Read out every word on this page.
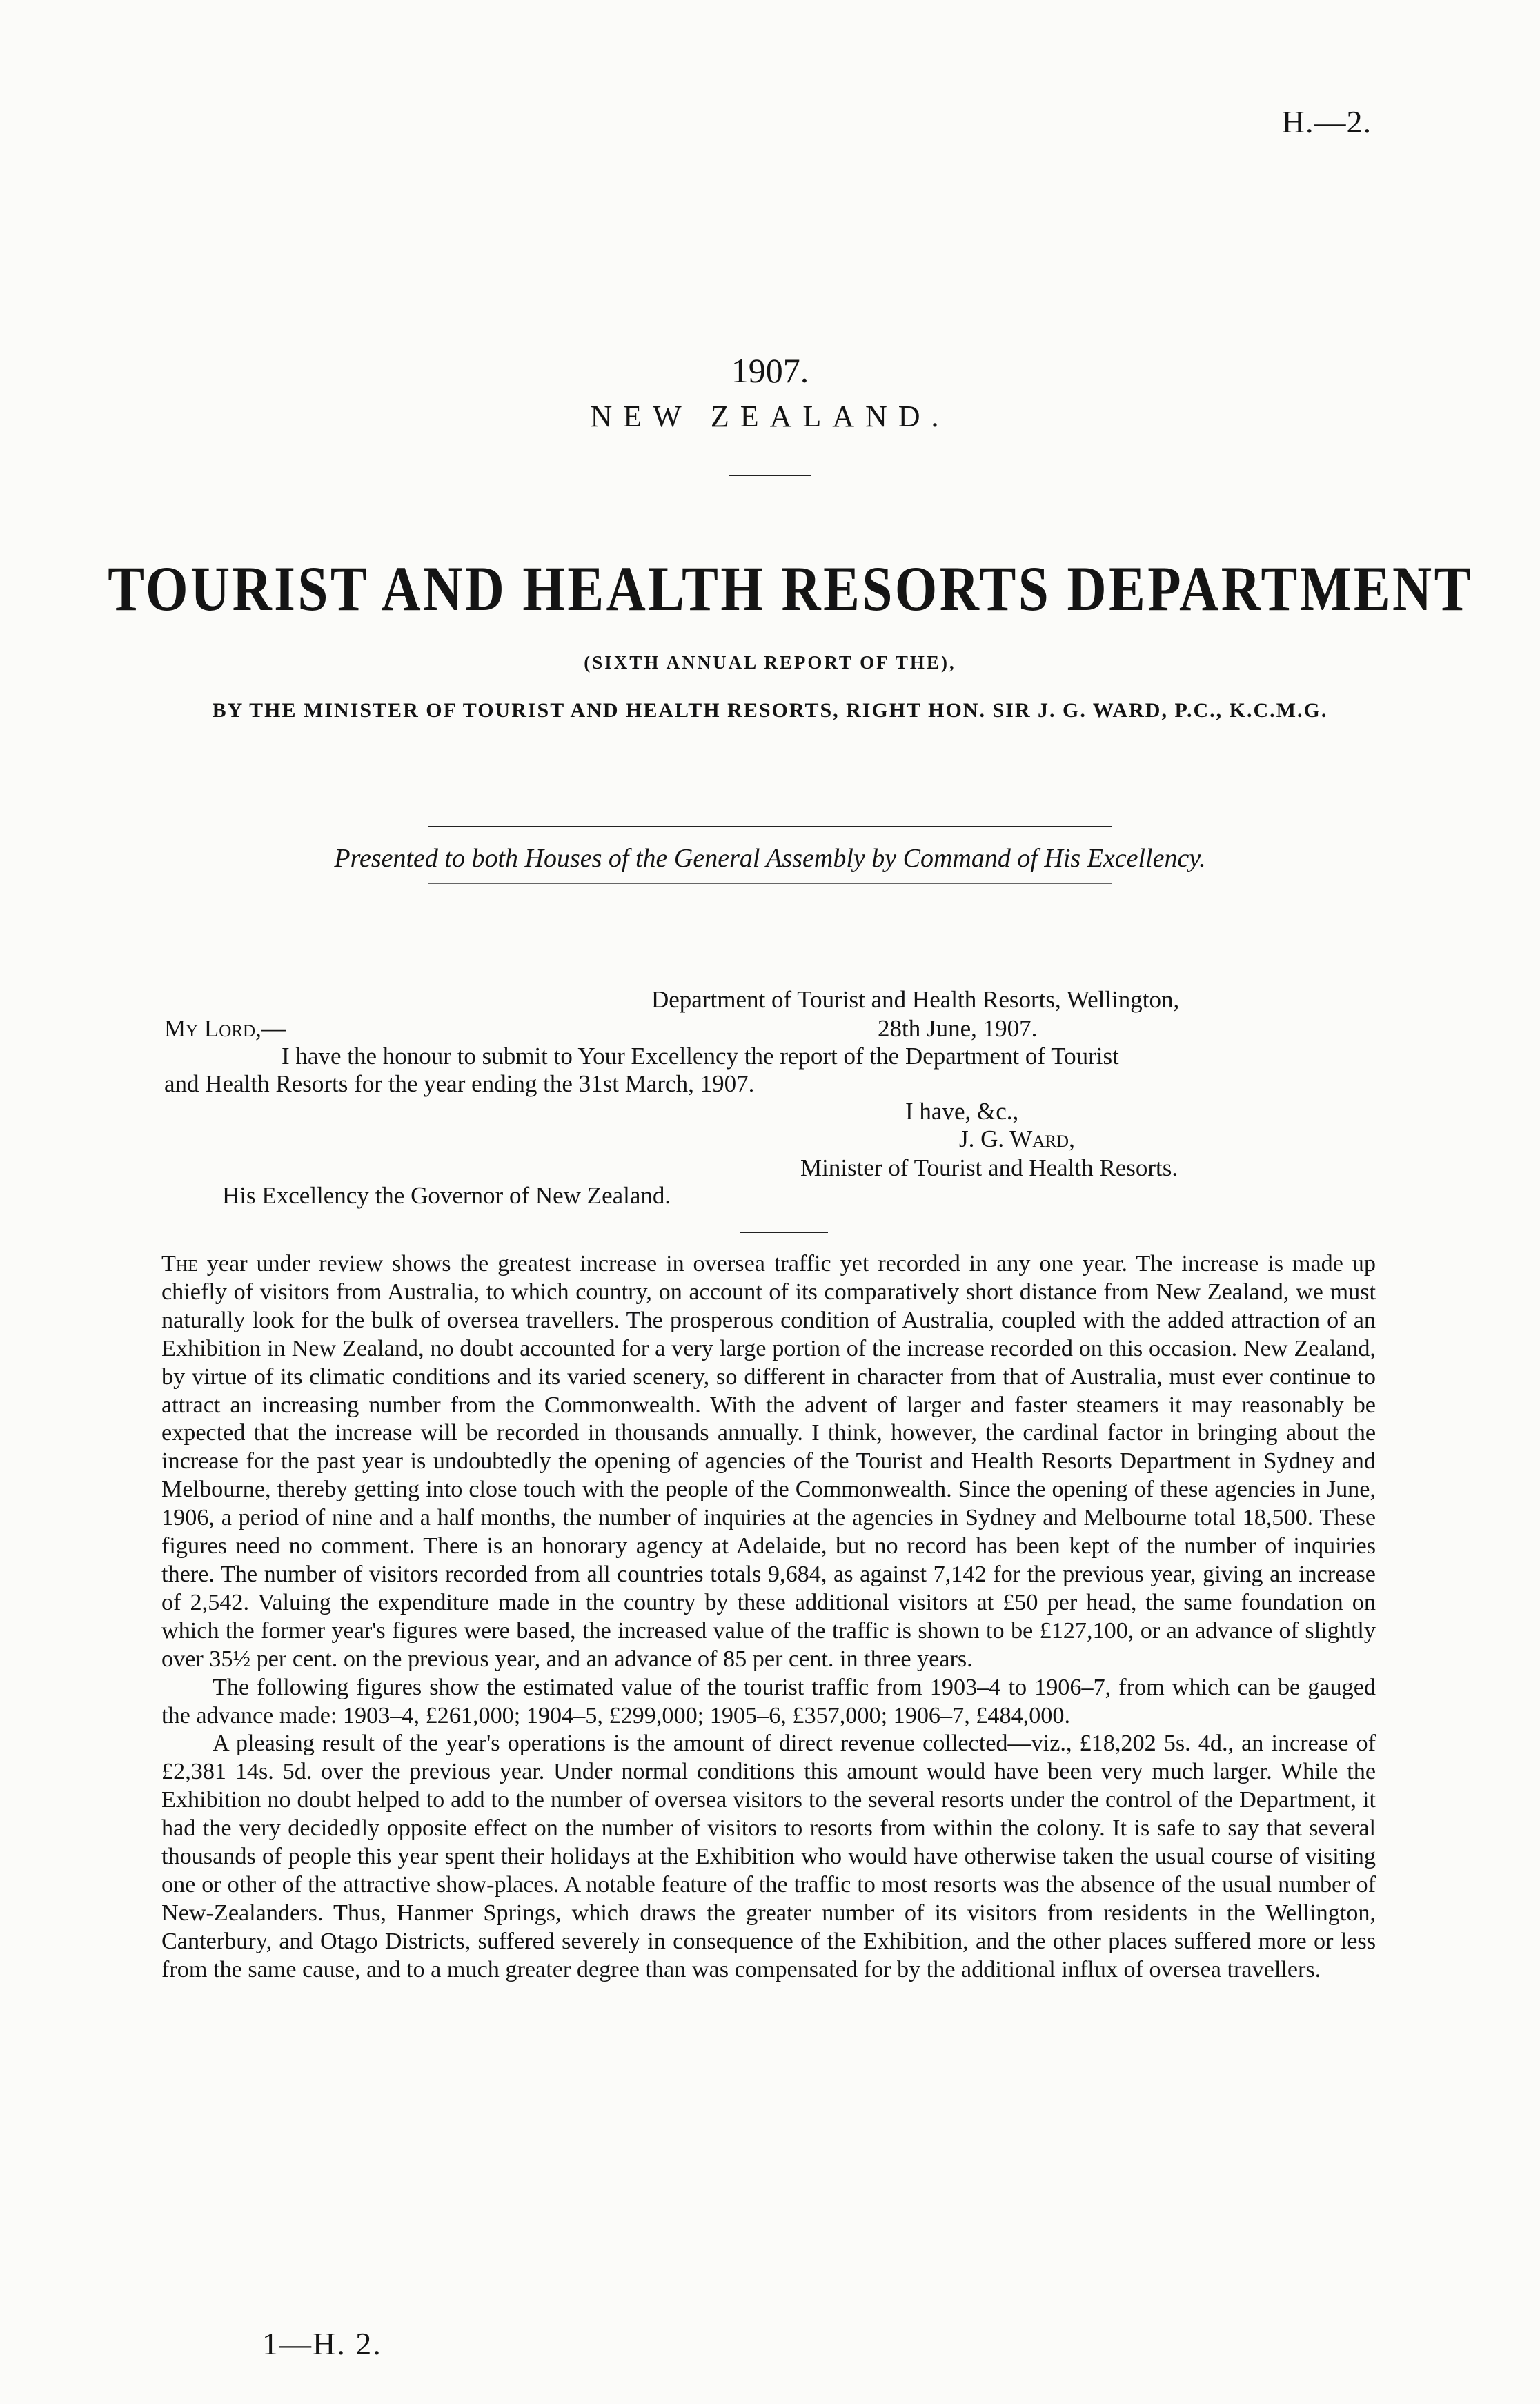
H.—2.
1907.
NEW ZEALAND.
TOURIST AND HEALTH RESORTS DEPARTMENT
(SIXTH ANNUAL REPORT OF THE),
BY THE MINISTER OF TOURIST AND HEALTH RESORTS, RIGHT HON. SIR J. G. WARD, P.C., K.C.M.G.
Presented to both Houses of the General Assembly by Command of His Excellency.
Department of Tourist and Health Resorts, Wellington,
My Lord,—	28th June, 1907.
I have the honour to submit to Your Excellency the report of the Department of Tourist
and Health Resorts for the year ending the 31st March, 1907.
I have, &c.,
J. G. Ward,
Minister of Tourist and Health Resorts.
His Excellency the Governor of New Zealand.

The year under review shows the greatest increase in oversea traffic yet recorded in any one year. The increase is made up chiefly of visitors from Australia, to which country, on account of its comparatively short distance from New Zealand, we must naturally look for the bulk of oversea travellers. The prosperous condition of Australia, coupled with the added attraction of an Exhibition in New Zealand, no doubt accounted for a very large portion of the increase recorded on this occasion. New Zealand, by virtue of its climatic conditions and its varied scenery, so different in character from that of Australia, must ever continue to attract an increasing number from the Commonwealth. With the advent of larger and faster steamers it may reasonably be expected that the increase will be recorded in thousands annually. I think, however, the cardinal factor in bringing about the increase for the past year is undoubtedly the opening of agencies of the Tourist and Health Resorts Department in Sydney and Melbourne, thereby getting into close touch with the people of the Commonwealth. Since the opening of these agencies in June, 1906, a period of nine and a half months, the number of inquiries at the agencies in Sydney and Melbourne total 18,500. These figures need no comment. There is an honorary agency at Adelaide, but no record has been kept of the number of inquiries there. The number of visitors recorded from all countries totals 9,684, as against 7,142 for the previous year, giving an increase of 2,542. Valuing the expenditure made in the country by these additional visitors at £50 per head, the same foundation on which the former year's figures were based, the increased value of the traffic is shown to be £127,100, or an advance of slightly over 35½ per cent. on the previous year, and an advance of 85 per cent. in three years.

The following figures show the estimated value of the tourist traffic from 1903–4 to 1906–7, from which can be gauged the advance made: 1903–4, £261,000; 1904–5, £299,000; 1905–6, £357,000; 1906–7, £484,000.

A pleasing result of the year's operations is the amount of direct revenue collected—viz., £18,202 5s. 4d., an increase of £2,381 14s. 5d. over the previous year. Under normal conditions this amount would have been very much larger. While the Exhibition no doubt helped to add to the number of oversea visitors to the several resorts under the control of the Department, it had the very decidedly opposite effect on the number of visitors to resorts from within the colony. It is safe to say that several thousands of people this year spent their holidays at the Exhibition who would have otherwise taken the usual course of visiting one or other of the attractive show-places. A notable feature of the traffic to most resorts was the absence of the usual number of New-Zealanders. Thus, Hanmer Springs, which draws the greater number of its visitors from residents in the Wellington, Canterbury, and Otago Districts, suffered severely in consequence of the Exhibition, and the other places suffered more or less from the same cause, and to a much greater degree than was compensated for by the additional influx of oversea travellers.

1—H. 2.
